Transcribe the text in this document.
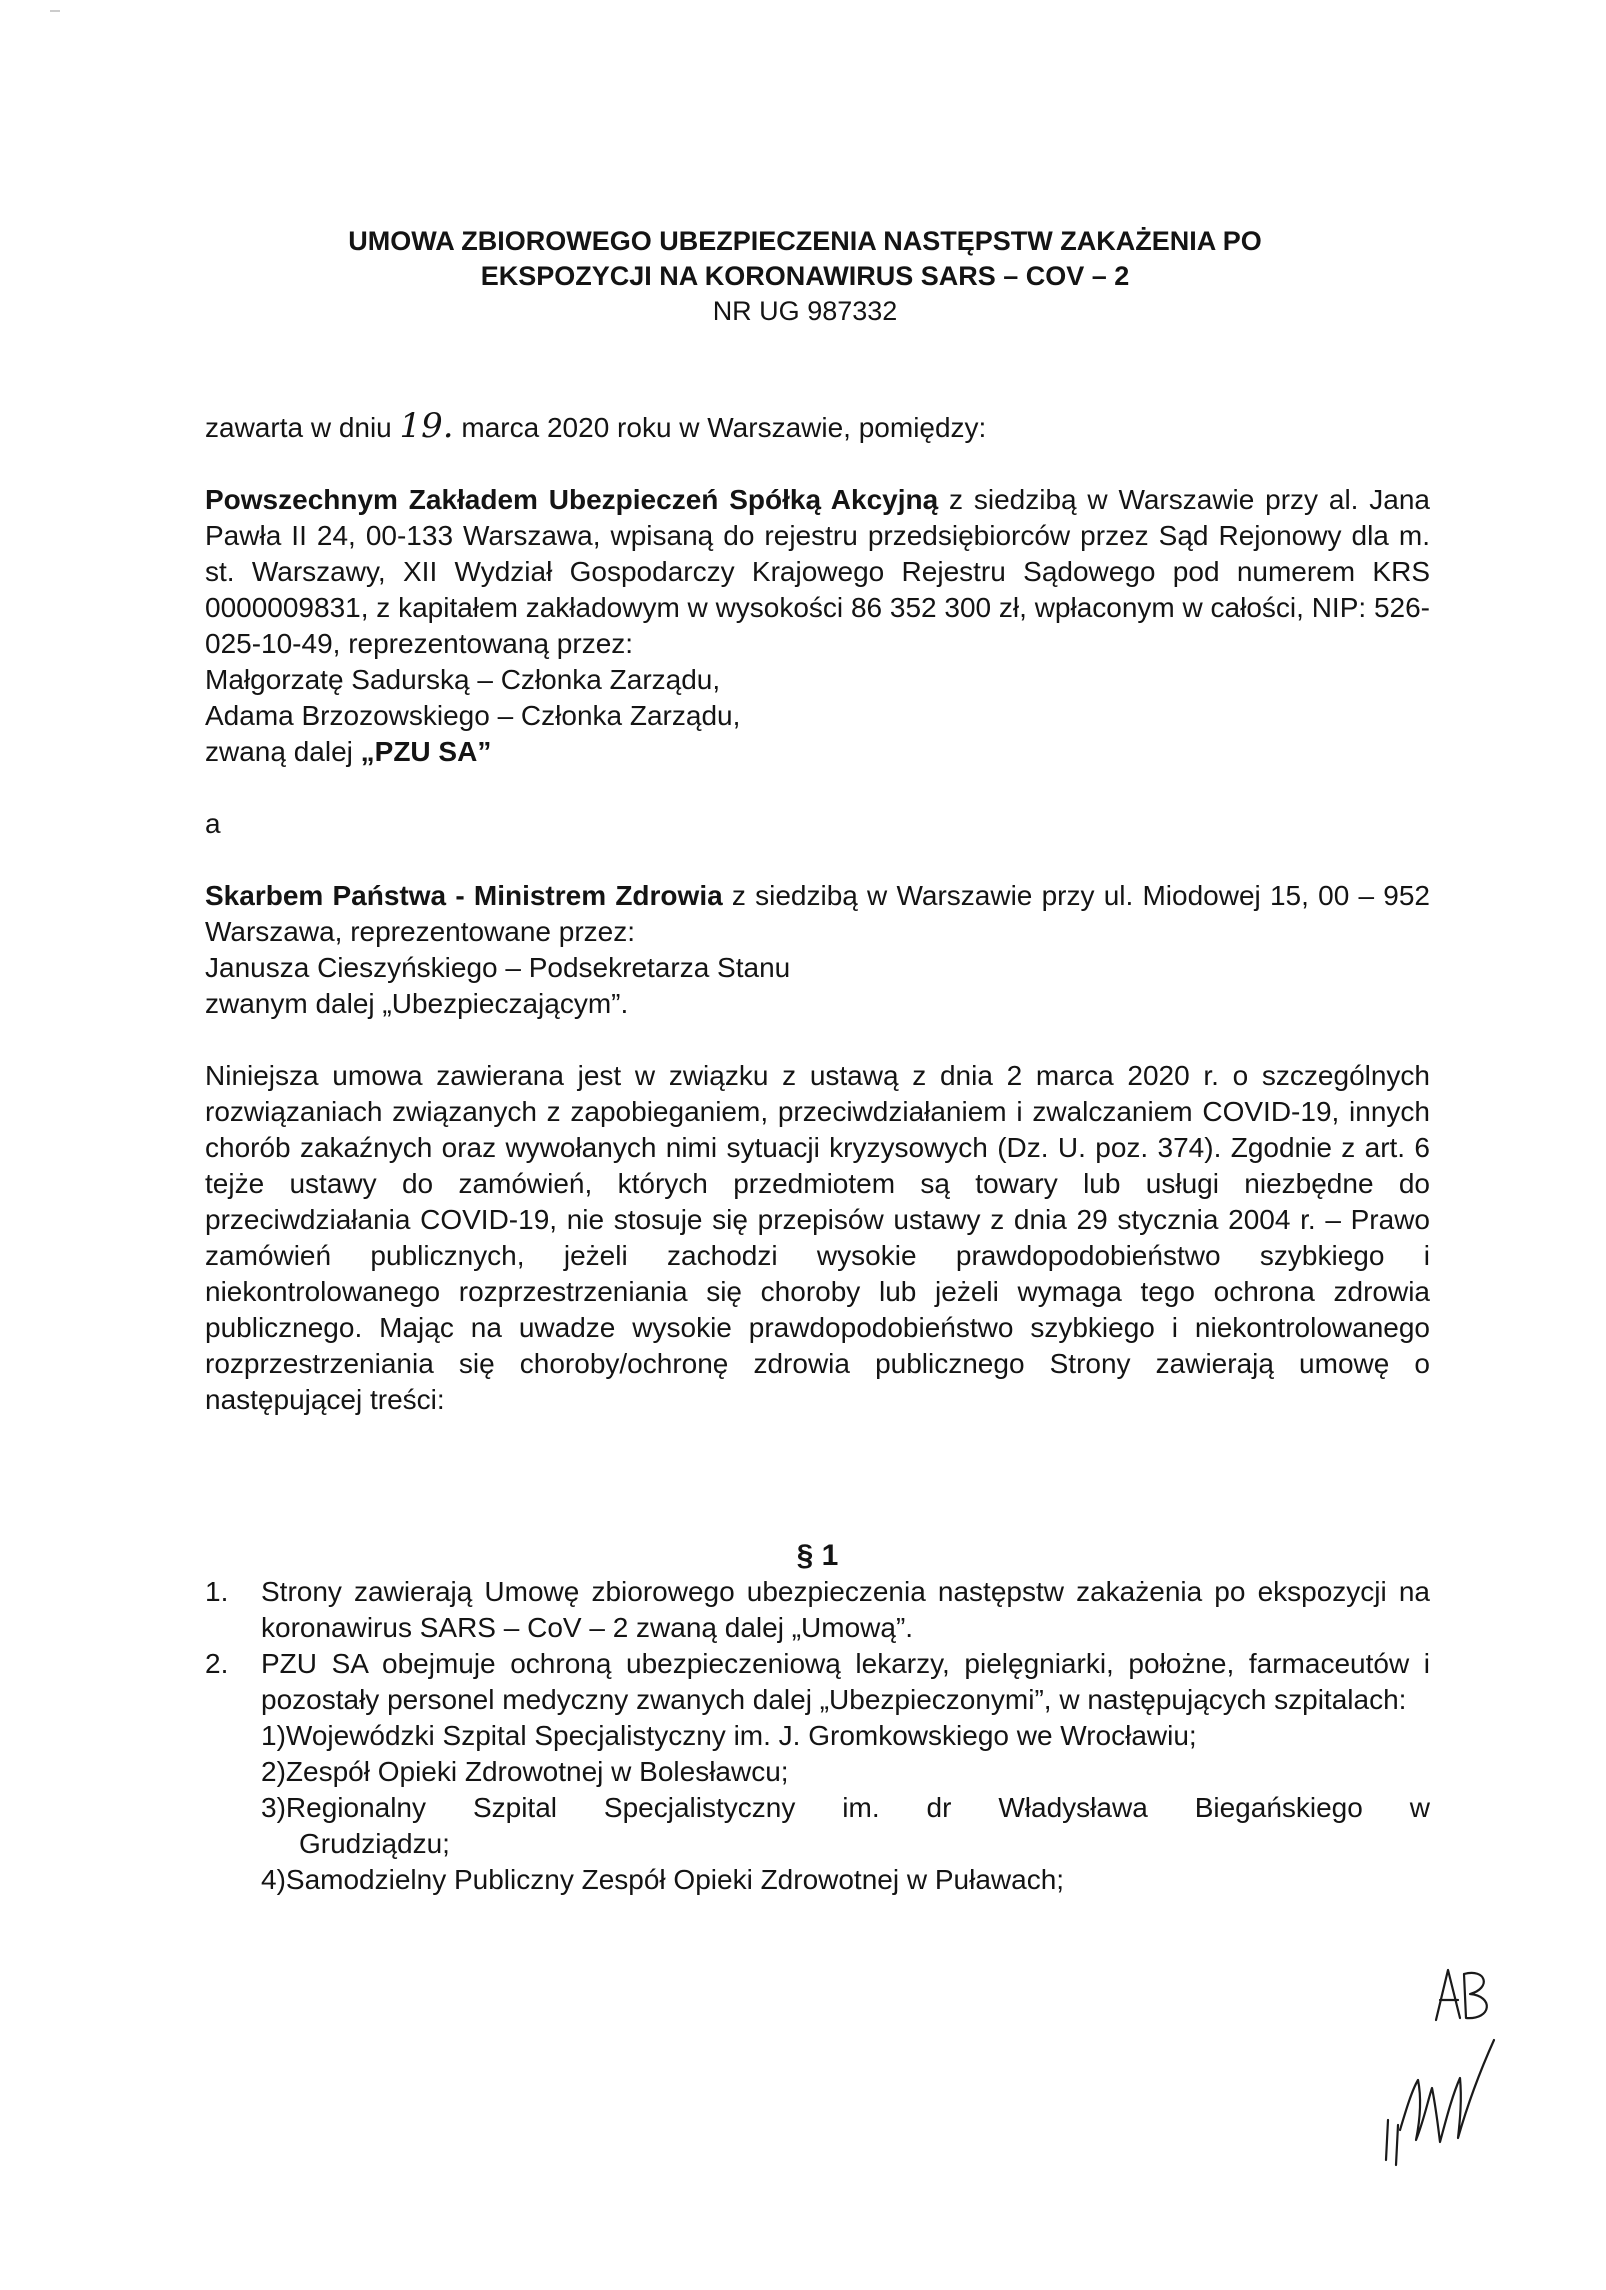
UMOWA ZBIOROWEGO UBEZPIECZENIA NASTĘPSTW ZAKAŻENIA PO
EKSPOZYCJI NA KORONAWIRUS SARS – COV – 2
NR UG 987332

zawarta w dniu 19. marca 2020 roku w Warszawie, pomiędzy:

Powszechnym Zakładem Ubezpieczeń Spółką Akcyjną z siedzibą w Warszawie przy al. Jana Pawła II 24, 00-133 Warszawa, wpisaną do rejestru przedsiębiorców przez Sąd Rejonowy dla m. st. Warszawy, XII Wydział Gospodarczy Krajowego Rejestru Sądowego pod numerem KRS 0000009831, z kapitałem zakładowym w wysokości 86 352 300 zł, wpłaconym w całości, NIP: 526-025-10-49, reprezentowaną przez:

Małgorzatę Sadurską – Członka Zarządu,

Adama Brzozowskiego – Członka Zarządu,

zwaną dalej „PZU SA”

a

Skarbem Państwa - Ministrem Zdrowia z siedzibą w Warszawie przy ul. Miodowej 15, 00 – 952 Warszawa, reprezentowane przez:

Janusza Cieszyńskiego – Podsekretarza Stanu

zwanym dalej „Ubezpieczającym”.

Niniejsza umowa zawierana jest w związku z ustawą z dnia 2 marca 2020 r. o szczególnych rozwiązaniach związanych z zapobieganiem, przeciwdziałaniem i zwalczaniem COVID-19, innych chorób zakaźnych oraz wywołanych nimi sytuacji kryzysowych (Dz. U. poz. 374). Zgodnie z art. 6 tejże ustawy do zamówień, których przedmiotem są towary lub usługi niezbędne do przeciwdziałania COVID-19, nie stosuje się przepisów ustawy z dnia 29 stycznia 2004 r. – Prawo zamówień publicznych, jeżeli zachodzi wysokie prawdopodobieństwo szybkiego i niekontrolowanego rozprzestrzeniania się choroby lub jeżeli wymaga tego ochrona zdrowia publicznego. Mając na uwadze wysokie prawdopodobieństwo szybkiego i niekontrolowanego rozprzestrzeniania się choroby/ochronę zdrowia publicznego Strony zawierają umowę o następującej treści:

§ 1

1.	Strony zawierają Umowę zbiorowego ubezpieczenia następstw zakażenia po ekspozycji na koronawirus SARS – CoV – 2 zwaną dalej „Umową”.
2.	PZU SA obejmuje ochroną ubezpieczeniową lekarzy, pielęgniarki, położne, farmaceutów i pozostały personel medyczny zwanych dalej „Ubezpieczonymi”, w następujących szpitalach:
1) Wojewódzki Szpital Specjalistyczny im. J. Gromkowskiego we Wrocławiu;
2) Zespół Opieki Zdrowotnej w Bolesławcu;
3) Regionalny Szpital Specjalistyczny im. dr Władysława Biegańskiego w
Grudziądzu;
4) Samodzielny Publiczny Zespół Opieki Zdrowotnej w Puławach;
